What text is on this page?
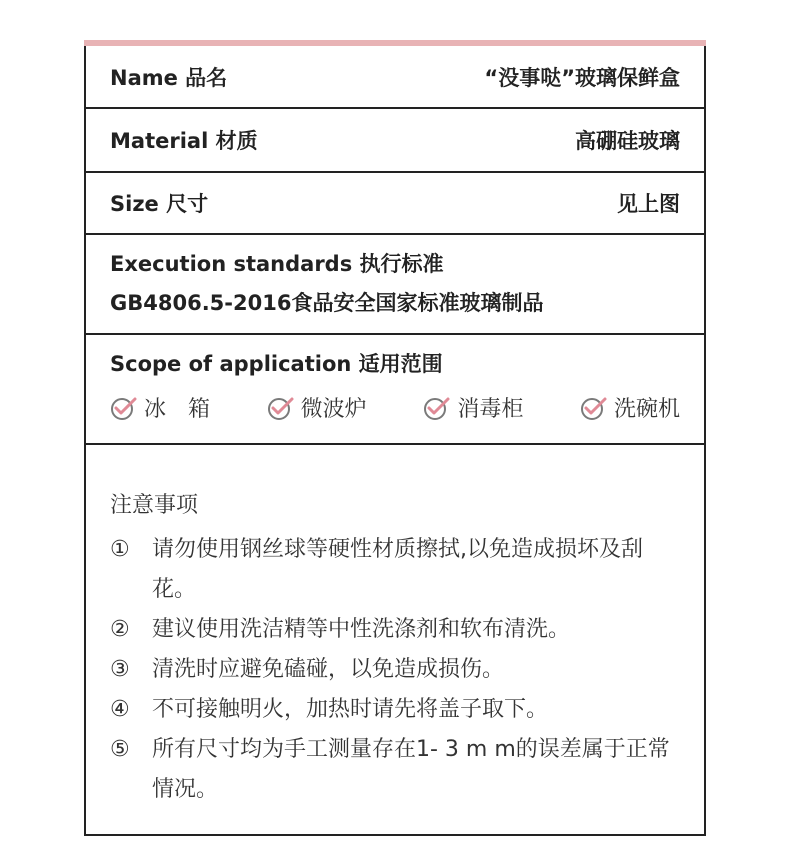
Name 品名	“没事哒”玻璃保鲜盒
Material 材质	高硼硅玻璃
Size 尺寸	见上图
Execution standards 执行标准
GB4806.5-2016食品安全国家标准玻璃制品
Scope of application 适用范围
冰　箱	微波炉	消毒柜	洗碗机
注意事项
①	请勿使用钢丝球等硬性材质擦拭,以免造成损坏及刮花。
②	建议使用洗洁精等中性洗涤剂和软布清洗。
③	清洗时应避免磕碰，以免造成损伤。
④	不可接触明火，加热时请先将盖子取下。
⑤	所有尺寸均为手工测量存在1- 3 m m的误差属于正常情况。
